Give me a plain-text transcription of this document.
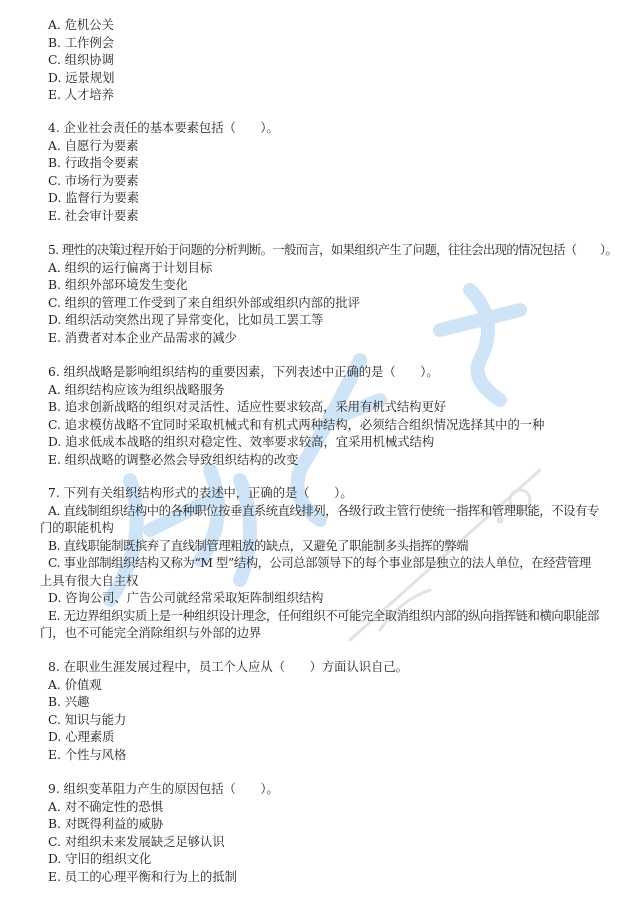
A. 危机公关
B. 工作例会
C. 组织协调
D. 远景规划
E. 人才培养
4. 企业社会责任的基本要素包括（　　）。
A. 自愿行为要素
B. 行政指令要素
C. 市场行为要素
D. 监督行为要素
E. 社会审计要素
5. 理性的决策过程开始于问题的分析判断。一般而言，如果组织产生了问题，往往会出现的情况包括（　　）。
A. 组织的运行偏离于计划目标
B. 组织外部环境发生变化
C. 组织的管理工作受到了来自组织外部或组织内部的批评
D. 组织活动突然出现了异常变化，比如员工罢工等
E. 消费者对本企业产品需求的减少
6. 组织战略是影响组织结构的重要因素，下列表述中正确的是（　　）。
A. 组织结构应该为组织战略服务
B. 追求创新战略的组织对灵活性、适应性要求较高，采用有机式结构更好
C. 追求模仿战略不宜同时采取机械式和有机式两种结构，必须结合组织情况选择其中的一种
D. 追求低成本战略的组织对稳定性、效率要求较高，宜采用机械式结构
E. 组织战略的调整必然会导致组织结构的改变
7. 下列有关组织结构形式的表述中，正确的是（　　）。
A. 直线制组织结构中的各种职位按垂直系统直线排列，各级行政主管行使统一指挥和管理职能，不设有专
门的职能机构
B. 直线职能制既摈弃了直线制管理粗放的缺点，又避免了职能制多头指挥的弊端
C. 事业部制组织结构又称为“M 型”结构，公司总部领导下的每个事业部是独立的法人单位，在经营管理
上具有很大自主权
D. 咨询公司、广告公司就经常采取矩阵制组织结构
E. 无边界组织实质上是一种组织设计理念，任何组织不可能完全取消组织内部的纵向指挥链和横向职能部
门，也不可能完全消除组织与外部的边界
8. 在职业生涯发展过程中，员工个人应从（　　）方面认识自己。
A. 价值观
B. 兴趣
C. 知识与能力
D. 心理素质
E. 个性与风格
9. 组织变革阻力产生的原因包括（　　）。
A. 对不确定性的恐惧
B. 对既得利益的威胁
C. 对组织未来发展缺乏足够认识
D. 守旧的组织文化
E. 员工的心理平衡和行为上的抵制
